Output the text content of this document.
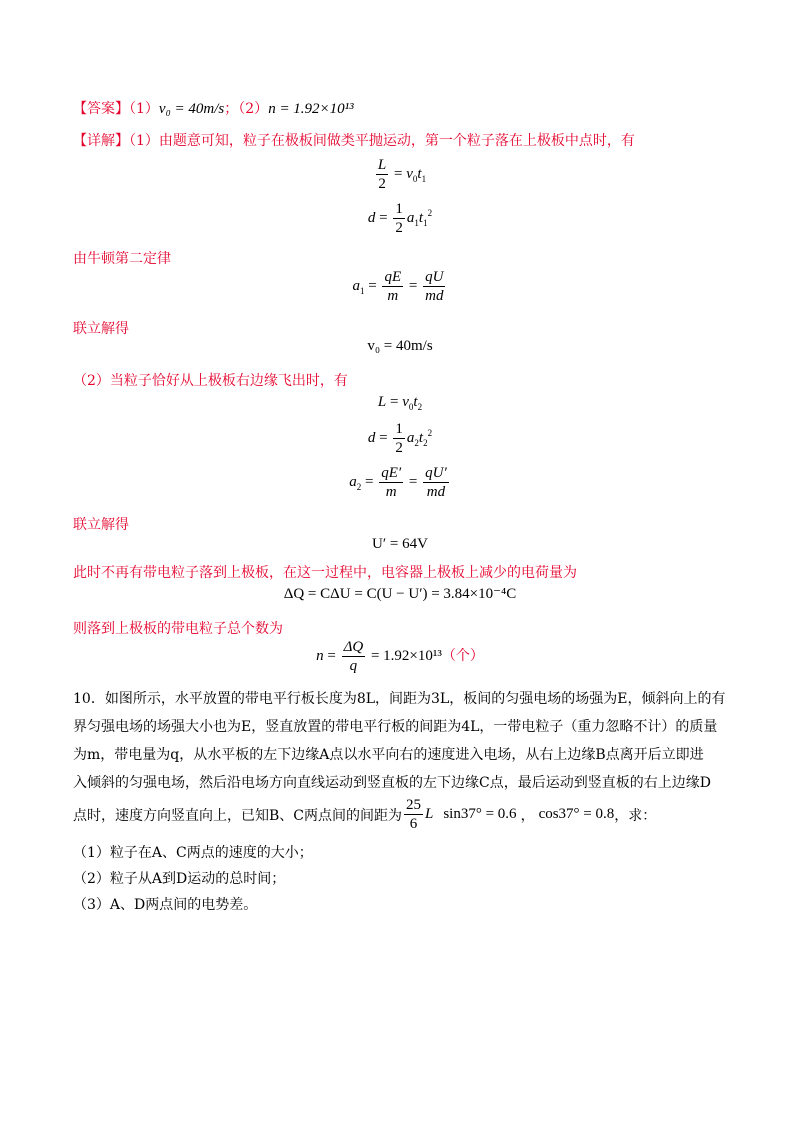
【答案】（1）v₀ = 40m/s；（2）n = 1.92×10¹³
【详解】（1）由题意可知，粒子在极板间做类平抛运动，第一个粒子落在上极板中点时，有
$\frac{L}{2} = v_0t_1$
$d = \frac{1}{2} a_1t_1^2$
由牛顿第二定律
$a_1 = \frac{qE}{m} = \frac{qU}{md}$
联立解得
v₀ = 40m/s
（2）当粒子恰好从上极板右边缘飞出时，有
$L = v_0t_2$
$d = \frac{1}{2} a_2t_2^2$
$a_2 = \frac{qE'}{m} = \frac{qU'}{md}$
联立解得
U′ = 64V
此时不再有带电粒子落到上极板，在这一过程中，电容器上极板上减少的电荷量为
ΔQ = CΔU = C(U − U′) = 3.84×10⁻⁴C
则落到上极板的带电粒子总个数为
$n = \frac{\Delta Q}{q} = 1.92\times 10^{13}$（个）
10．如图所示，水平放置的带电平行板长度为8L，间距为3L，板间的匀强电场的场强为E，倾斜向上的有
界匀强电场的场强大小也为E，竖直放置的带电平行板的间距为4L，一带电粒子（重力忽略不计）的质量
为m，带电量为q，从水平板的左下边缘A点以水平向右的速度进入电场，从右上边缘B点离开后立即进
入倾斜的匀强电场，然后沿电场方向直线运动到竖直板的左下边缘C点，最后运动到竖直板的右上边缘D
点时，速度方向竖直向上，已知B、C两点间的间距为 $\frac{25}{6}$ L sin37° = 0.6 ， cos37° = 0.8 ，求：
（1）粒子在A、C两点的速度的大小；
（2）粒子从A到D运动的总时间；
（3）A、D两点间的电势差。
